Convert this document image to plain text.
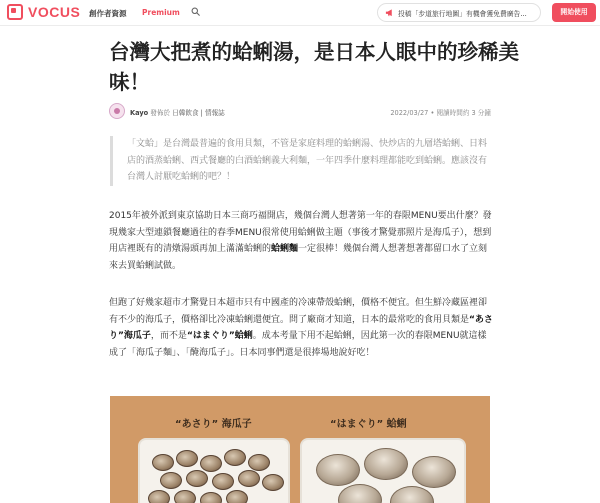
VOCUS 創作者資源 Premium	投稿「步道旅行地圖」有機會獲免費廣告...	開始使用
台灣大把煮的蛤蜊湯，是日本人眼中的珍稀美味！
Kayo 發佈於 日韓飲食 | 情報誌	2022/03/27 • 閱讀時間約 3 分鐘

「文蛤」是台灣最普遍的食用貝類，不管是家庭料理的蛤蜊湯、快炒店的九層塔蛤蜊、日料店的酒蒸蛤蜊、西式餐廳的白酒蛤蜊義大利麵，一年四季什麼料理都能吃到蛤蜊。應該沒有台灣人討厭吃蛤蜊的吧？！

2015年被外派到東京協助日本三商巧福開店，幾個台灣人想著第一年的春限MENU要出什麼？發現幾家大型連鎖餐廳過往的春季MENU很常使用蛤蜊做主題（事後才驚覺那照片是海瓜子），想到用店裡既有的清燉湯頭再加上滿滿蛤蜊的蛤蜊麵一定很棒！幾個台灣人想著想著都留口水了立刻來去買蛤蜊試做。

但跑了好幾家超市才驚覺日本超市只有中國產的冷凍帶殼蛤蜊，價格不便宜。但生鮮冷藏區裡卻有不少的海瓜子，價格卻比冷凍蛤蜊還便宜。問了廠商才知道，日本的最常吃的食用貝類是“あさり”海瓜子，而不是“はまぐり”蛤蜊。成本考量下用不起蛤蜊，因此第一次的春限MENU就這樣成了「海瓜子麵」、「醃海瓜子」。日本同事們還是很捧場地說好吃！

“あさり” 海瓜子	“はまぐり” 蛤蜊
